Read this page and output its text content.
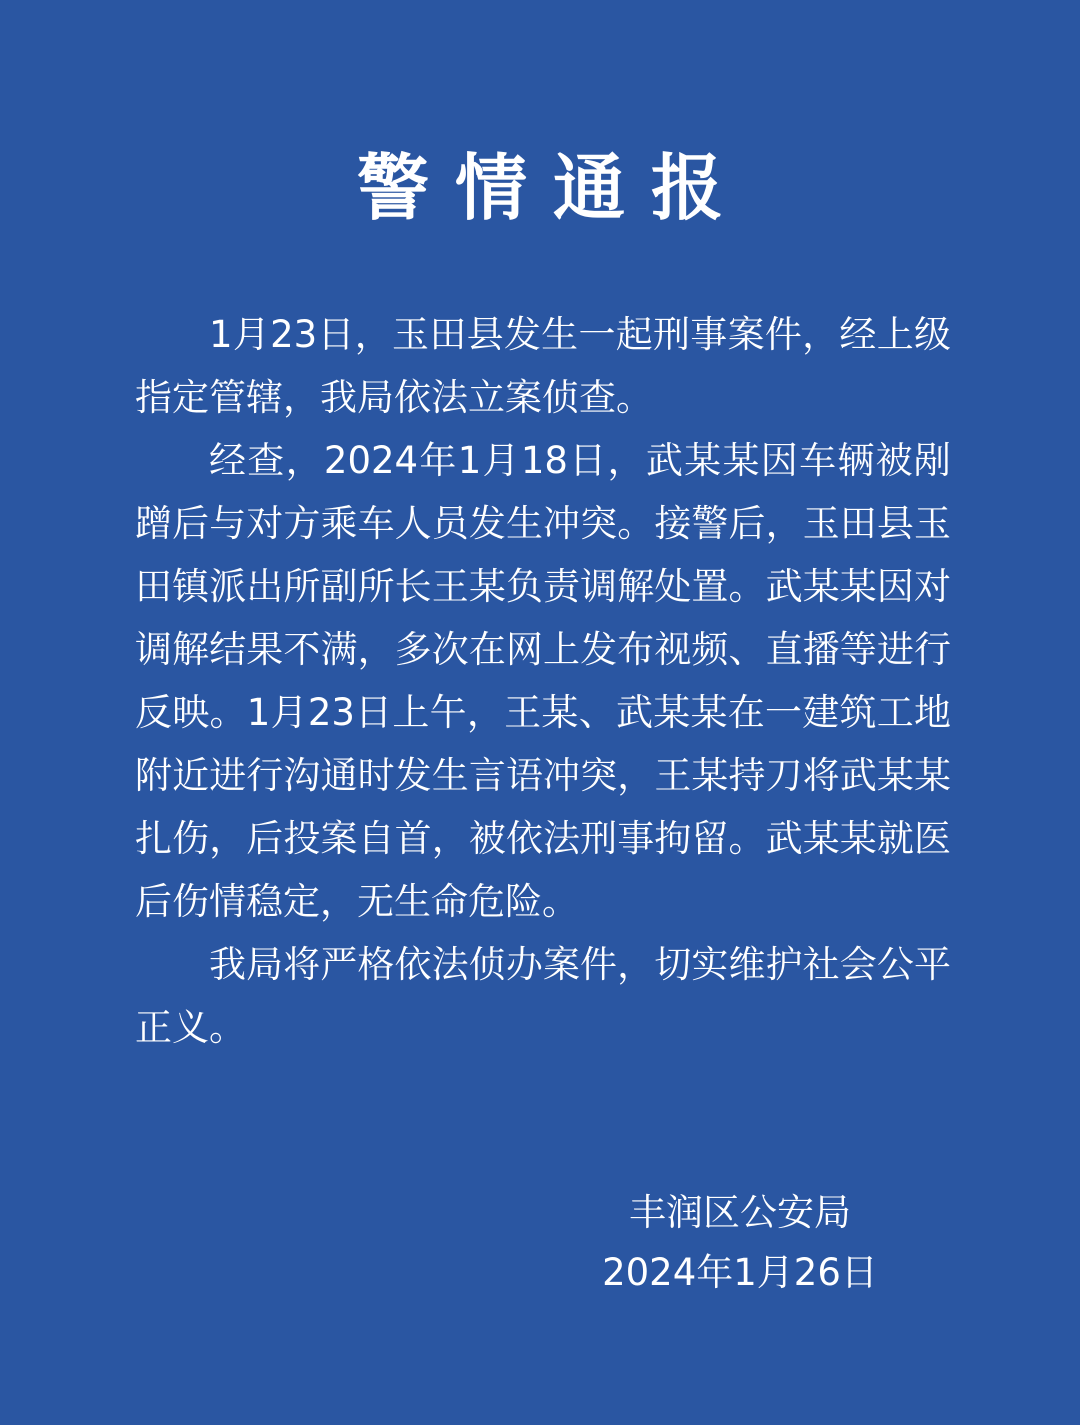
警情通报

1月23日，玉田县发生一起刑事案件，经上级指定管辖，我局依法立案侦查。

经查，2024年1月18日，武某某因车辆被剐蹭后与对方乘车人员发生冲突。接警后，玉田县玉田镇派出所副所长王某负责调解处置。武某某因对调解结果不满，多次在网上发布视频、直播等进行反映。1月23日上午，王某、武某某在一建筑工地附近进行沟通时发生言语冲突，王某持刀将武某某扎伤，后投案自首，被依法刑事拘留。武某某就医后伤情稳定，无生命危险。

我局将严格依法侦办案件，切实维护社会公平正义。

丰润区公安局
2024年1月26日
